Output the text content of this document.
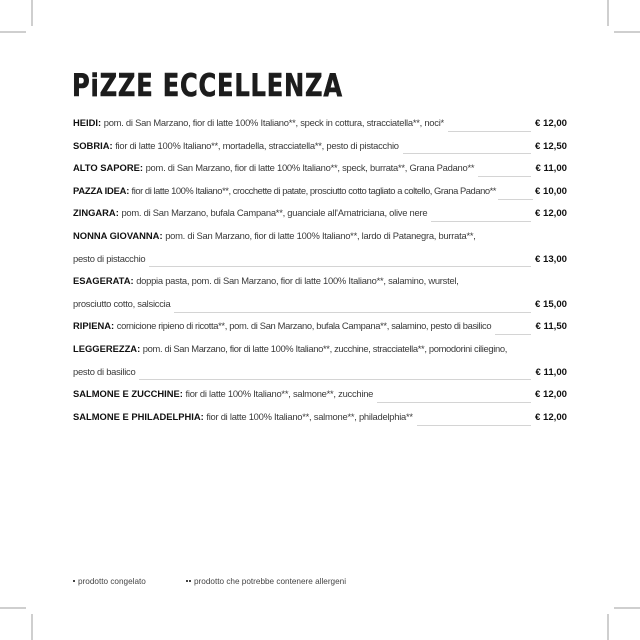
PiZZE ECCELLENZA
HEIDI: pom. di San Marzano, fior di latte 100% Italiano**, speck in cottura, stracciatella**, noci*	€ 12,00
SOBRIA: fior di latte 100% Italiano**, mortadella, stracciatella**, pesto di pistacchio	€ 12,50
ALTO SAPORE: pom. di San Marzano, fior di latte 100% Italiano**, speck, burrata**, Grana Padano**	€ 11,00
PAZZA IDEA: fior di latte 100% Italiano**, crocchette di patate, prosciutto cotto tagliato a coltello, Grana Padano**	€ 10,00
ZINGARA: pom. di San Marzano, bufala Campana**, guanciale all'Amatriciana, olive nere	€ 12,00
NONNA GIOVANNA: pom. di San Marzano, fior di latte 100% Italiano**, lardo di Patanegra, burrata**,
pesto di pistacchio	€ 13,00
ESAGERATA: doppia pasta, pom. di San Marzano, fior di latte 100% Italiano**, salamino, wurstel,
prosciutto cotto, salsiccia	€ 15,00
RIPIENA: cornicione ripieno di ricotta**, pom. di San Marzano, bufala Campana**, salamino, pesto di basilico	€ 11,50
LEGGEREZZA: pom. di San Marzano, fior di latte 100% Italiano**, zucchine, stracciatella**, pomodorini ciliegino,
pesto di basilico	€ 11,00
SALMONE E ZUCCHINE: fior di latte 100% Italiano**, salmone**, zucchine	€ 12,00
SALMONE E PHILADELPHIA: fior di latte 100% Italiano**, salmone**, philadelphia**	€ 12,00
prodotto congelato	prodotto che potrebbe contenere allergeni
